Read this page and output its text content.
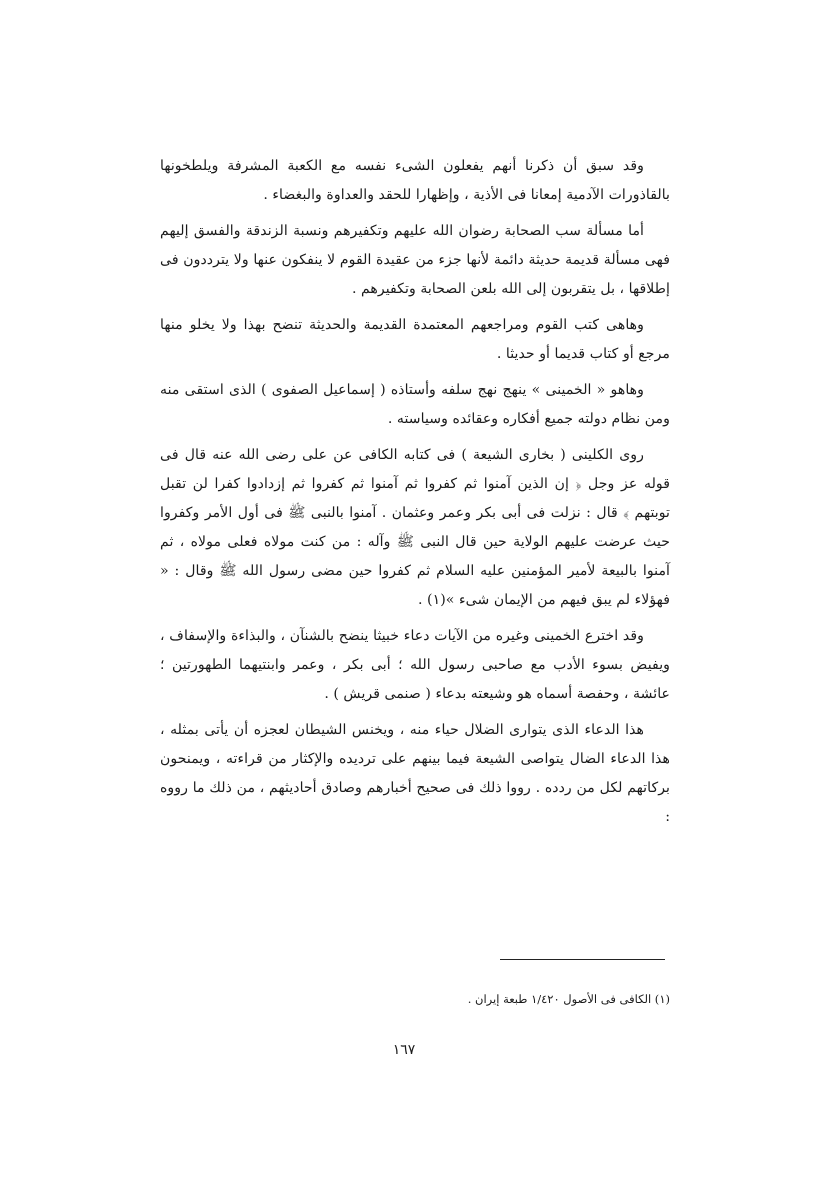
وقد سبق أن ذكرنا أنهم يفعلون الشىء نفسه مع الكعبة المشرفة ويلطخونها بالقاذورات الآدمية إمعانا فى الأذية ، وإظهارا للحقد والعداوة والبغضاء .

أما مسألة سب الصحابة رضوان الله عليهم وتكفيرهم ونسبة الزندقة والفسق إليهم فهى مسألة قديمة حديثة دائمة لأنها جزء من عقيدة القوم لا ينفكون عنها ولا يترددون فى إطلاقها ، بل يتقربون إلى الله بلعن الصحابة وتكفيرهم .

وهاهى كتب القوم ومراجعهم المعتمدة القديمة والحديثة تنضح بهذا ولا يخلو منها مرجع أو كتاب قديما أو حديثا .

وهاهو « الخمينى » ينهج نهج سلفه وأستاذه ( إسماعيل الصفوى ) الذى استقى منه ومن نظام دولته جميع أفكاره وعقائده وسياسته .

روى الكلينى ( بخارى الشيعة ) فى كتابه الكافى عن على رضى الله عنه قال فى قوله عز وجل ﴿ إن الذين آمنوا ثم كفروا ثم آمنوا ثم كفروا ثم إزدادوا كفرا لن تقبل توبتهم ﴾ قال : نزلت فى أبى بكر وعمر وعثمان . آمنوا بالنبى ﷺ فى أول الأمر وكفروا حيث عرضت عليهم الولاية حين قال النبى ﷺ وآله : من كنت مولاه فعلى مولاه ، ثم آمنوا بالبيعة لأمير المؤمنين عليه السلام ثم كفروا حين مضى رسول الله ﷺ وقال : « فهؤلاء لم يبق فيهم من الإيمان شىء »(١) .

وقد اخترع الخمينى وغيره من الآيات دعاء خبيثا ينضح بالشنآن ، والبذاءة والإسفاف ، ويفيض بسوء الأدب مع صاحبى رسول الله ؛ أبى بكر ، وعمر وابنتيهما الطهورتين ؛ عائشة ، وحفصة أسماه هو وشيعته بدعاء ( صنمى قريش ) .

هذا الدعاء الذى يتوارى الضلال حياء منه ، ويخنس الشيطان لعجزه أن يأتى بمثله ، هذا الدعاء الضال يتواصى الشيعة فيما بينهم على ترديده والإكثار من قراءته ، ويمنحون بركاتهم لكل من ردده . رووا ذلك فى صحيح أخبارهم وصادق أحاديثهم ، من ذلك ما رووه :

(١) الكافى فى الأصول ١/٤٢٠ طبعة إيران .
١٦٧
